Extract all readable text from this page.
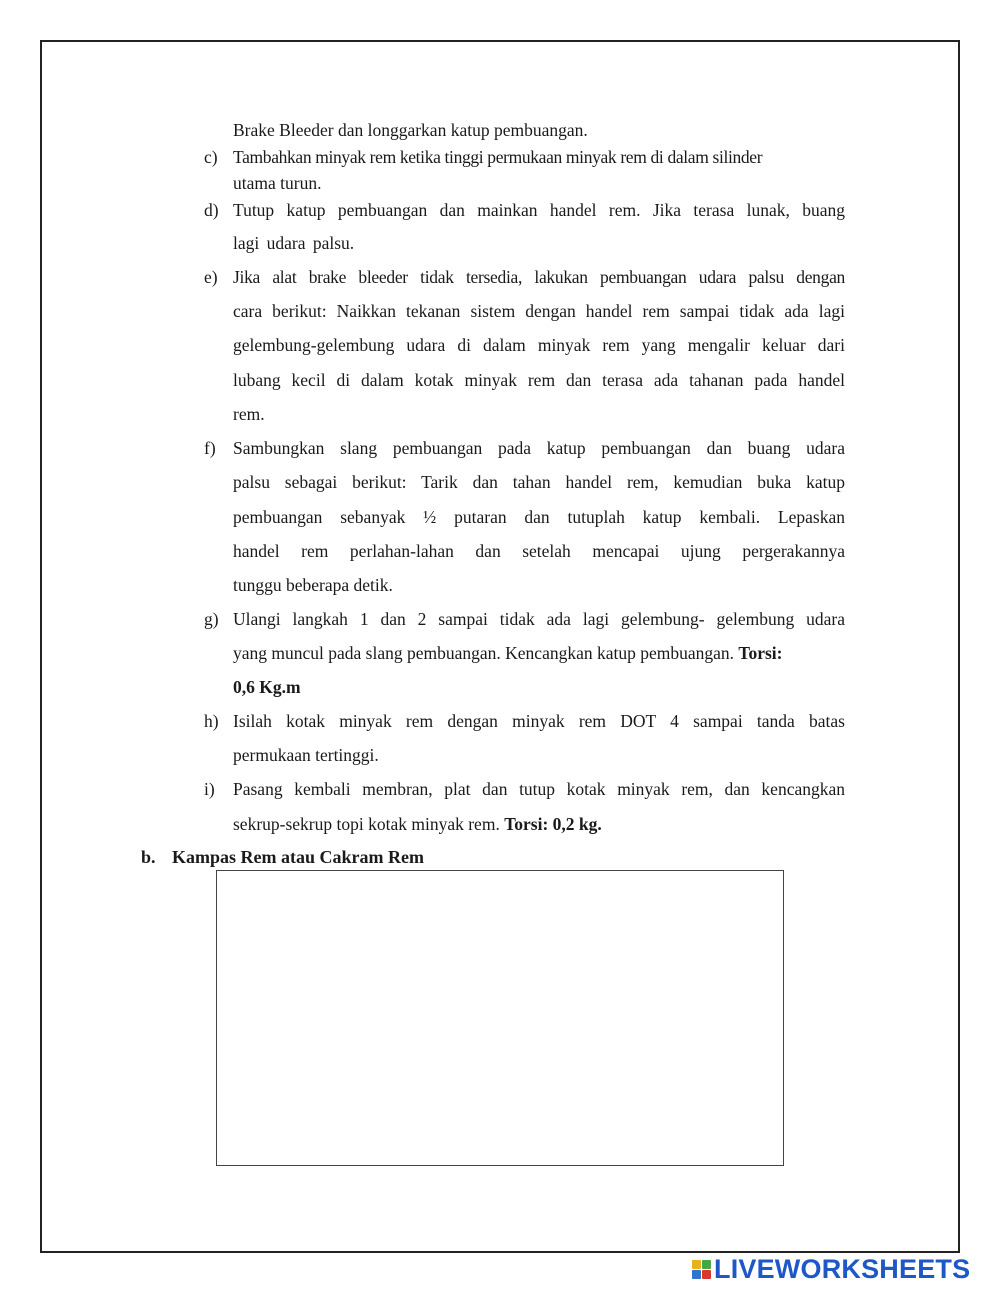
Brake Bleeder dan longgarkan katup pembuangan.
c) Tambahkan minyak rem ketika tinggi permukaan minyak rem di dalam silinder
utama turun.
d) Tutup katup pembuangan dan mainkan handel rem. Jika terasa lunak, buang
lagi udara palsu.
e) Jika alat brake bleeder tidak tersedia, lakukan pembuangan udara palsu dengan
cara berikut: Naikkan tekanan sistem dengan handel rem sampai tidak ada lagi
gelembung-gelembung udara di dalam minyak rem yang mengalir keluar dari
lubang kecil di dalam kotak minyak rem dan terasa ada tahanan pada handel
rem.
f) Sambungkan slang pembuangan pada katup pembuangan dan buang udara
palsu sebagai berikut: Tarik dan tahan handel rem, kemudian buka katup
pembuangan sebanyak ½ putaran dan tutuplah katup kembali. Lepaskan
handel rem perlahan-lahan dan setelah mencapai ujung pergerakannya
tunggu beberapa detik.
g) Ulangi langkah 1 dan 2 sampai tidak ada lagi gelembung- gelembung udara
yang muncul pada slang pembuangan. Kencangkan katup pembuangan. Torsi:
0,6 Kg.m
h) Isilah kotak minyak rem dengan minyak rem DOT 4 sampai tanda batas
permukaan tertinggi.
i) Pasang kembali membran, plat dan tutup kotak minyak rem, dan kencangkan
sekrup-sekrup topi kotak minyak rem. Torsi: 0,2 kg.
b. Kampas Rem atau Cakram Rem
LIVEWORKSHEETS
